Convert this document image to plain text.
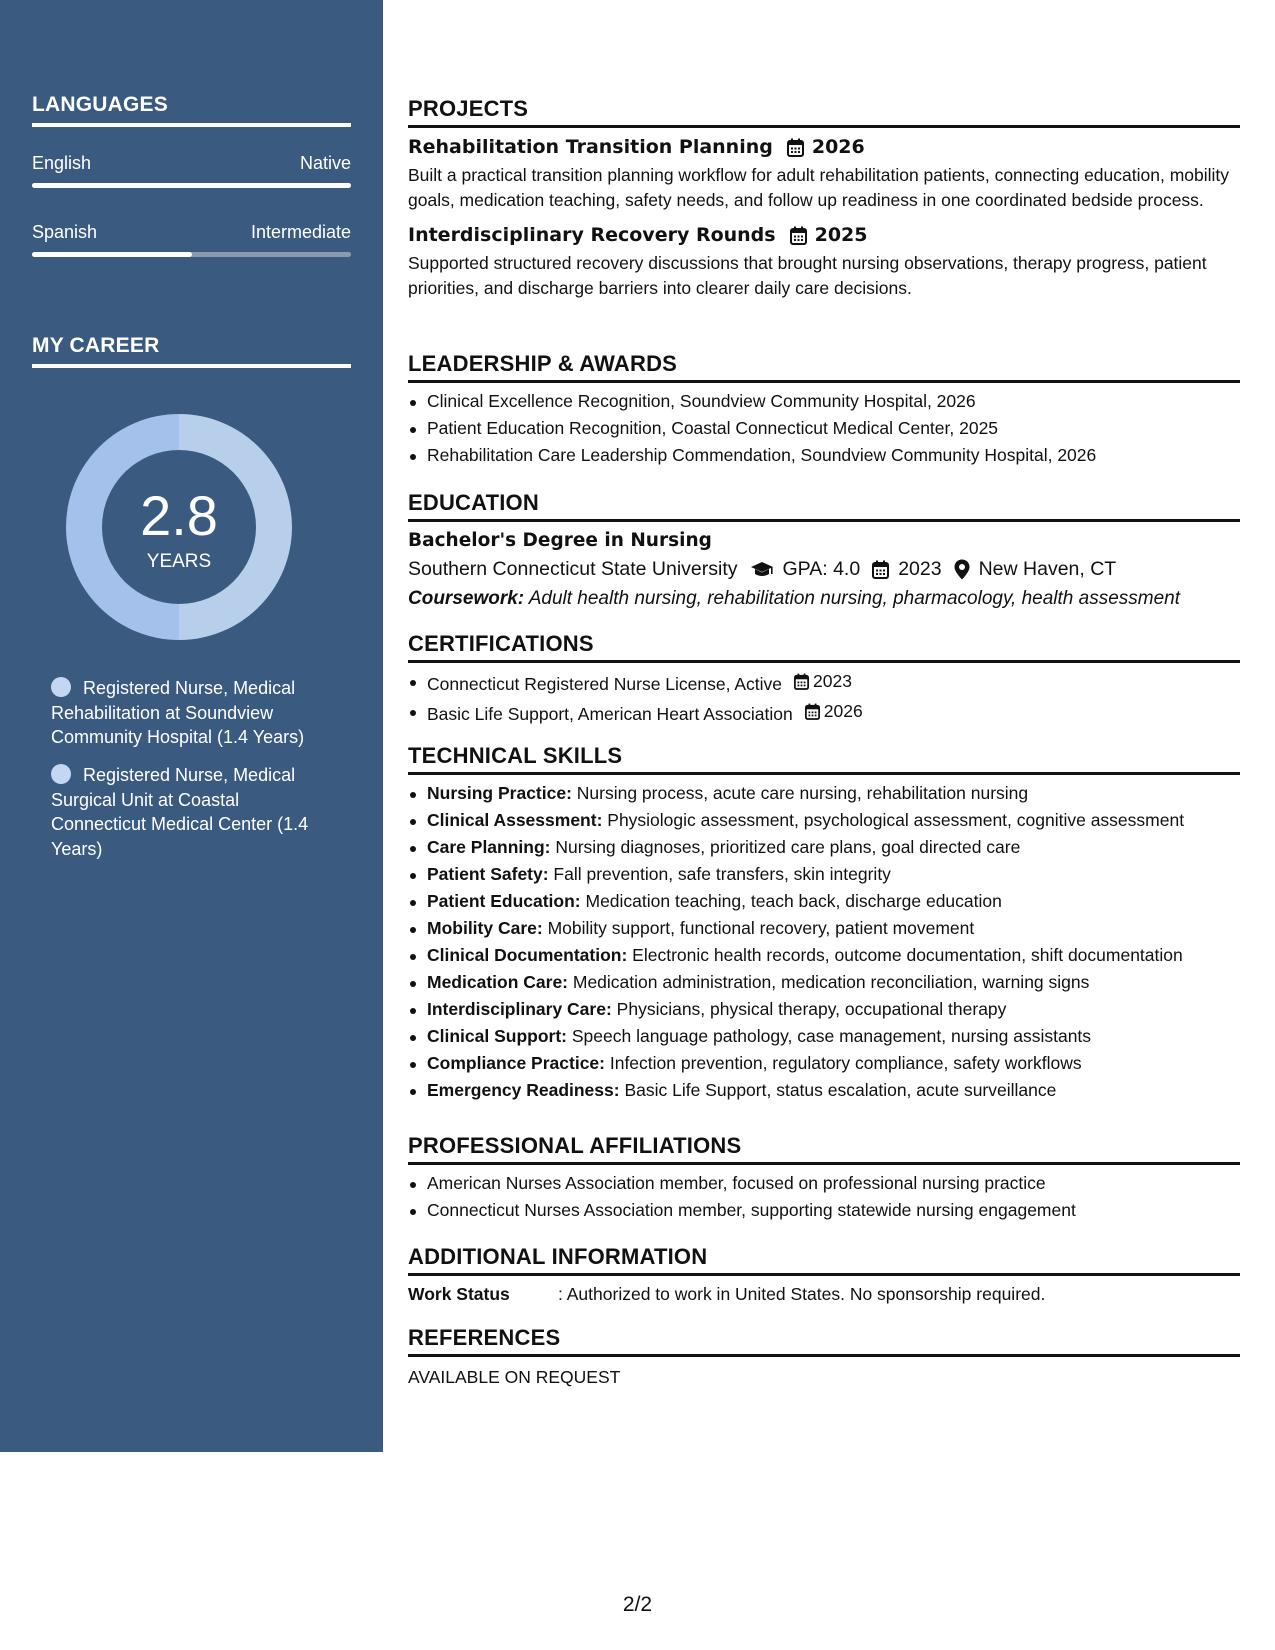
LANGUAGES
English	Native
Spanish	Intermediate
MY CAREER
2.8
YEARS
Registered Nurse, Medical Rehabilitation at Soundview Community Hospital (1.4 Years)
Registered Nurse, Medical Surgical Unit at Coastal Connecticut Medical Center (1.4 Years)
PROJECTS
Rehabilitation Transition Planning 2026
Built a practical transition planning workflow for adult rehabilitation patients, connecting education, mobility goals, medication teaching, safety needs, and follow up readiness in one coordinated bedside process.
Interdisciplinary Recovery Rounds 2025
Supported structured recovery discussions that brought nursing observations, therapy progress, patient priorities, and discharge barriers into clearer daily care decisions.
LEADERSHIP & AWARDS
Clinical Excellence Recognition, Soundview Community Hospital, 2026
Patient Education Recognition, Coastal Connecticut Medical Center, 2025
Rehabilitation Care Leadership Commendation, Soundview Community Hospital, 2026
EDUCATION
Bachelor's Degree in Nursing
Southern Connecticut State University GPA: 4.0 2023 New Haven, CT
Coursework: Adult health nursing, rehabilitation nursing, pharmacology, health assessment
CERTIFICATIONS
Connecticut Registered Nurse License, Active 2023
Basic Life Support, American Heart Association 2026
TECHNICAL SKILLS
Nursing Practice: Nursing process, acute care nursing, rehabilitation nursing
Clinical Assessment: Physiologic assessment, psychological assessment, cognitive assessment
Care Planning: Nursing diagnoses, prioritized care plans, goal directed care
Patient Safety: Fall prevention, safe transfers, skin integrity
Patient Education: Medication teaching, teach back, discharge education
Mobility Care: Mobility support, functional recovery, patient movement
Clinical Documentation: Electronic health records, outcome documentation, shift documentation
Medication Care: Medication administration, medication reconciliation, warning signs
Interdisciplinary Care: Physicians, physical therapy, occupational therapy
Clinical Support: Speech language pathology, case management, nursing assistants
Compliance Practice: Infection prevention, regulatory compliance, safety workflows
Emergency Readiness: Basic Life Support, status escalation, acute surveillance
PROFESSIONAL AFFILIATIONS
American Nurses Association member, focused on professional nursing practice
Connecticut Nurses Association member, supporting statewide nursing engagement
ADDITIONAL INFORMATION
Work Status	: Authorized to work in United States. No sponsorship required.
REFERENCES
AVAILABLE ON REQUEST
2/2
